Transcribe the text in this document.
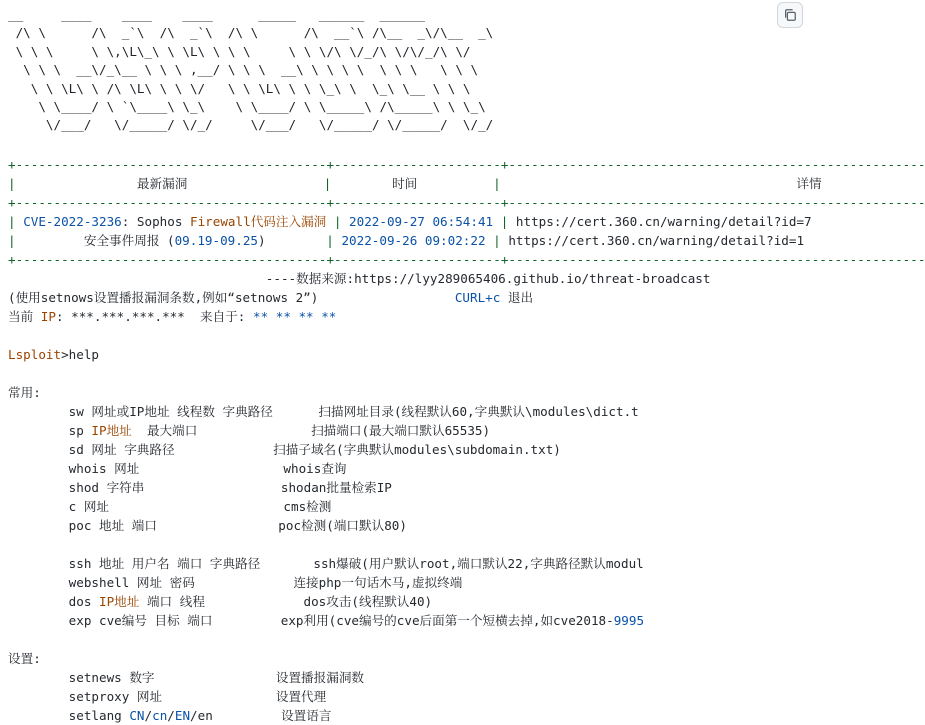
__     ____    ____    ____      _____   ______  ______
/\ \      /\  _`\  /\  _`\  /\ \      /\  __`\ /\__  _\/\__  _\
\ \ \     \ \,\L\_\ \ \L\ \ \ \     \ \ \/\ \/_/\ \/\/_/\ \/
\ \ \  __\/_\__ \ \ \ ,__/ \ \ \  __\ \ \ \ \  \ \ \   \ \ \
\ \ \L\ \ /\ \L\ \ \ \/   \ \ \L\ \ \ \_\ \  \_\ \__ \ \ \
\ \____/ \ `\____\ \_\    \ \____/ \ \_____\ /\_____\ \ \_\
\/___/   \/_____/ \/_/     \/___/   \/_____/ \/_____/  \/_/
+-----------------------------------------+----------------------+-------------------------------------------------------
|	最新漏洞	|	时间	|	详情
+-----------------------------------------+----------------------+-------------------------------------------------------
| CVE-2022-3236: Sophos Firewall代码注入漏洞 | 2022-09-27 06:54:41 | https://cert.360.cn/warning/detail?id=7
|	安全事件周报 (09.19-09.25)	| 2022-09-26 09:02:22 | https://cert.360.cn/warning/detail?id=1
+-----------------------------------------+----------------------+-------------------------------------------------------
----数据来源:https://lyy289065406.github.io/threat-broadcast
(使用setnows设置播报漏洞条数,例如“setnows 2”)	CURL+c 退出
当前 IP: ***.***.***.***  来自于: ** ** ** **
Lsploit>help
常用:
sw 网址或IP地址 线程数 字典路径	扫描网址目录(线程默认60,字典默认\modules\dict.t
sp IP地址  最大端口	扫描端口(最大端口默认65535)
sd 网址 字典路径	扫描子域名(字典默认modules\subdomain.txt)
whois 网址	whois查询
shod 字符串	shodan批量检索IP
c 网址	cms检测
poc 地址 端口	poc检测(端口默认80)
ssh 地址 用户名 端口 字典路径	ssh爆破(用户默认root,端口默认22,字典路径默认modul
webshell 网址 密码	连接php一句话木马,虚拟终端
dos IP地址 端口 线程	dos攻击(线程默认40)
exp cve编号 目标 端口	exp利用(cve编号的cve后面第一个短横去掉,如cve2018-9995
设置:
setnews 数字	设置播报漏洞数
setproxy 网址	设置代理
setlang CN/cn/EN/en	设置语言
